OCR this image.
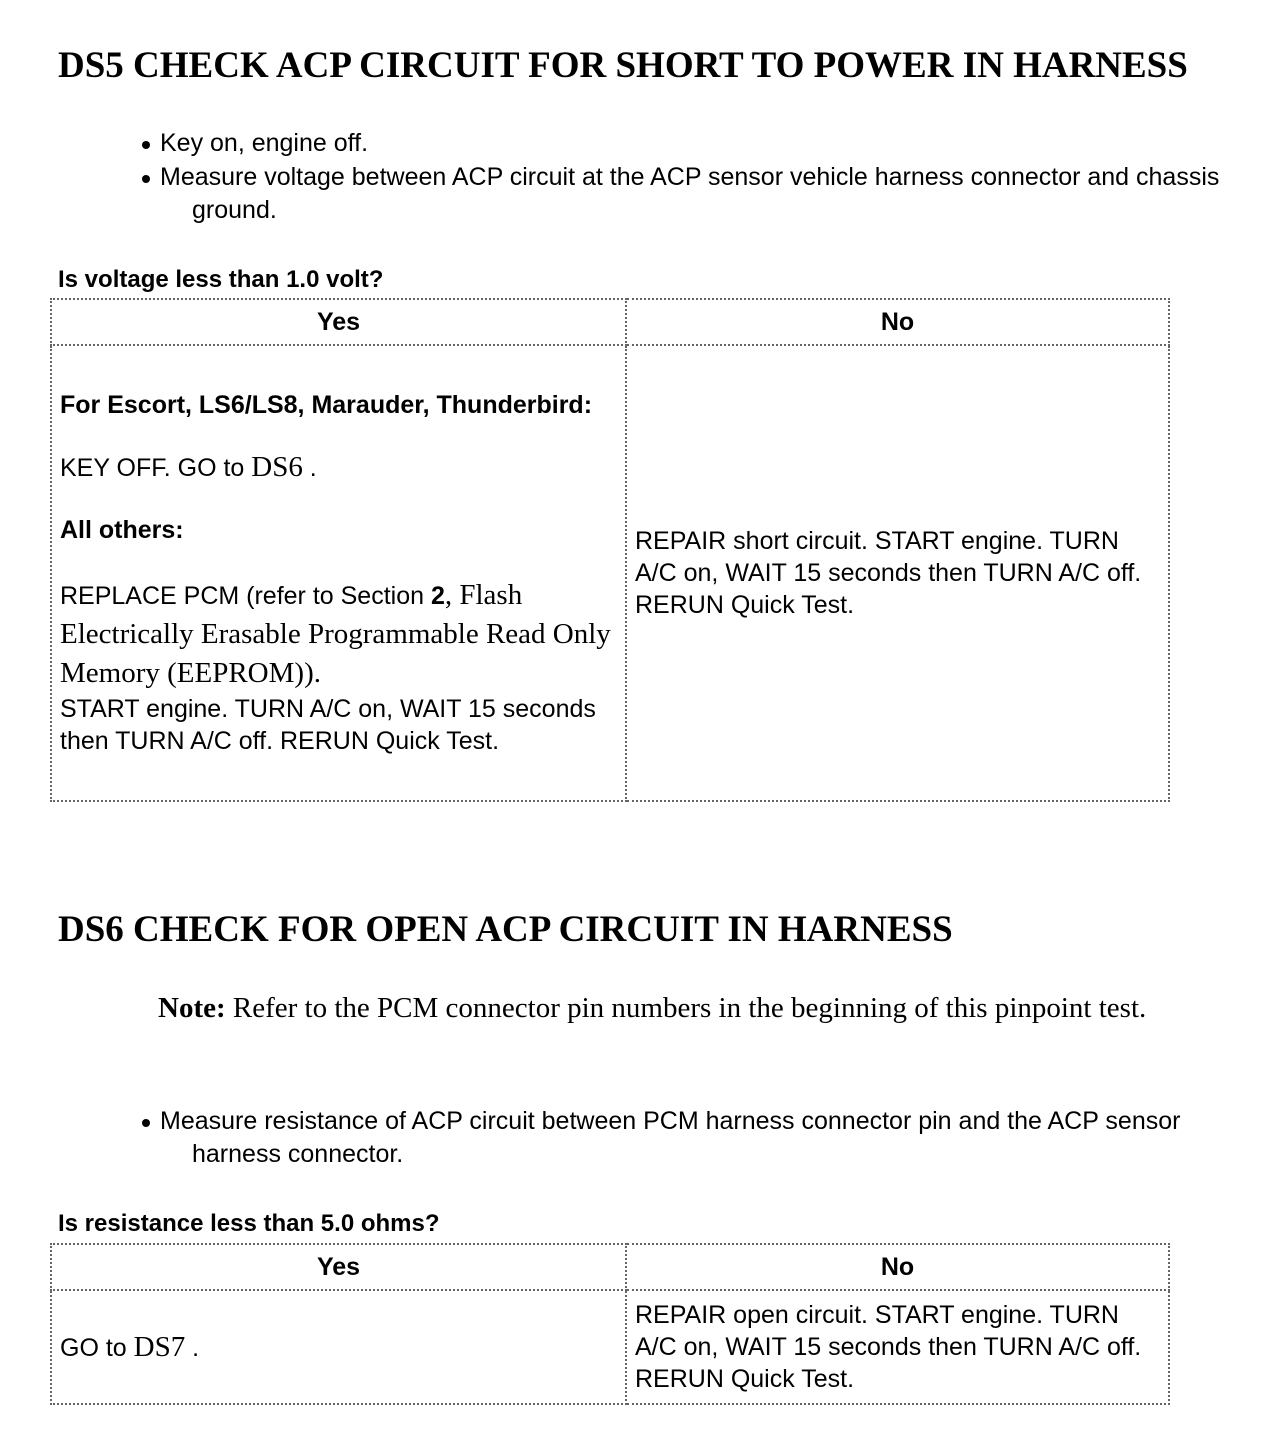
DS5 CHECK ACP CIRCUIT FOR SHORT TO POWER IN HARNESS
Key on, engine off.
Measure voltage between ACP circuit at the ACP sensor vehicle harness connector and chassis ground.

Is voltage less than 1.0 volt?

Yes	No

For Escort, LS6/LS8, Marauder, Thunderbird:

KEY OFF. GO to DS6 .

All others:

REPLACE PCM (refer to Section 2, Flash Electrically Erasable Programmable Read Only Memory (EEPROM)).

START engine. TURN A/C on, WAIT 15 seconds then TURN A/C off. RERUN Quick Test.	REPAIR short circuit. START engine. TURN A/C on, WAIT 15 seconds then TURN A/C off. RERUN Quick Test.
DS6 CHECK FOR OPEN ACP CIRCUIT IN HARNESS

Note: Refer to the PCM connector pin numbers in the beginning of this pinpoint test.

Measure resistance of ACP circuit between PCM harness connector pin and the ACP sensor harness connector.

Is resistance less than 5.0 ohms?

Yes	No
GO to DS7 .	REPAIR open circuit. START engine. TURN A/C on, WAIT 15 seconds then TURN A/C off. RERUN Quick Test.
